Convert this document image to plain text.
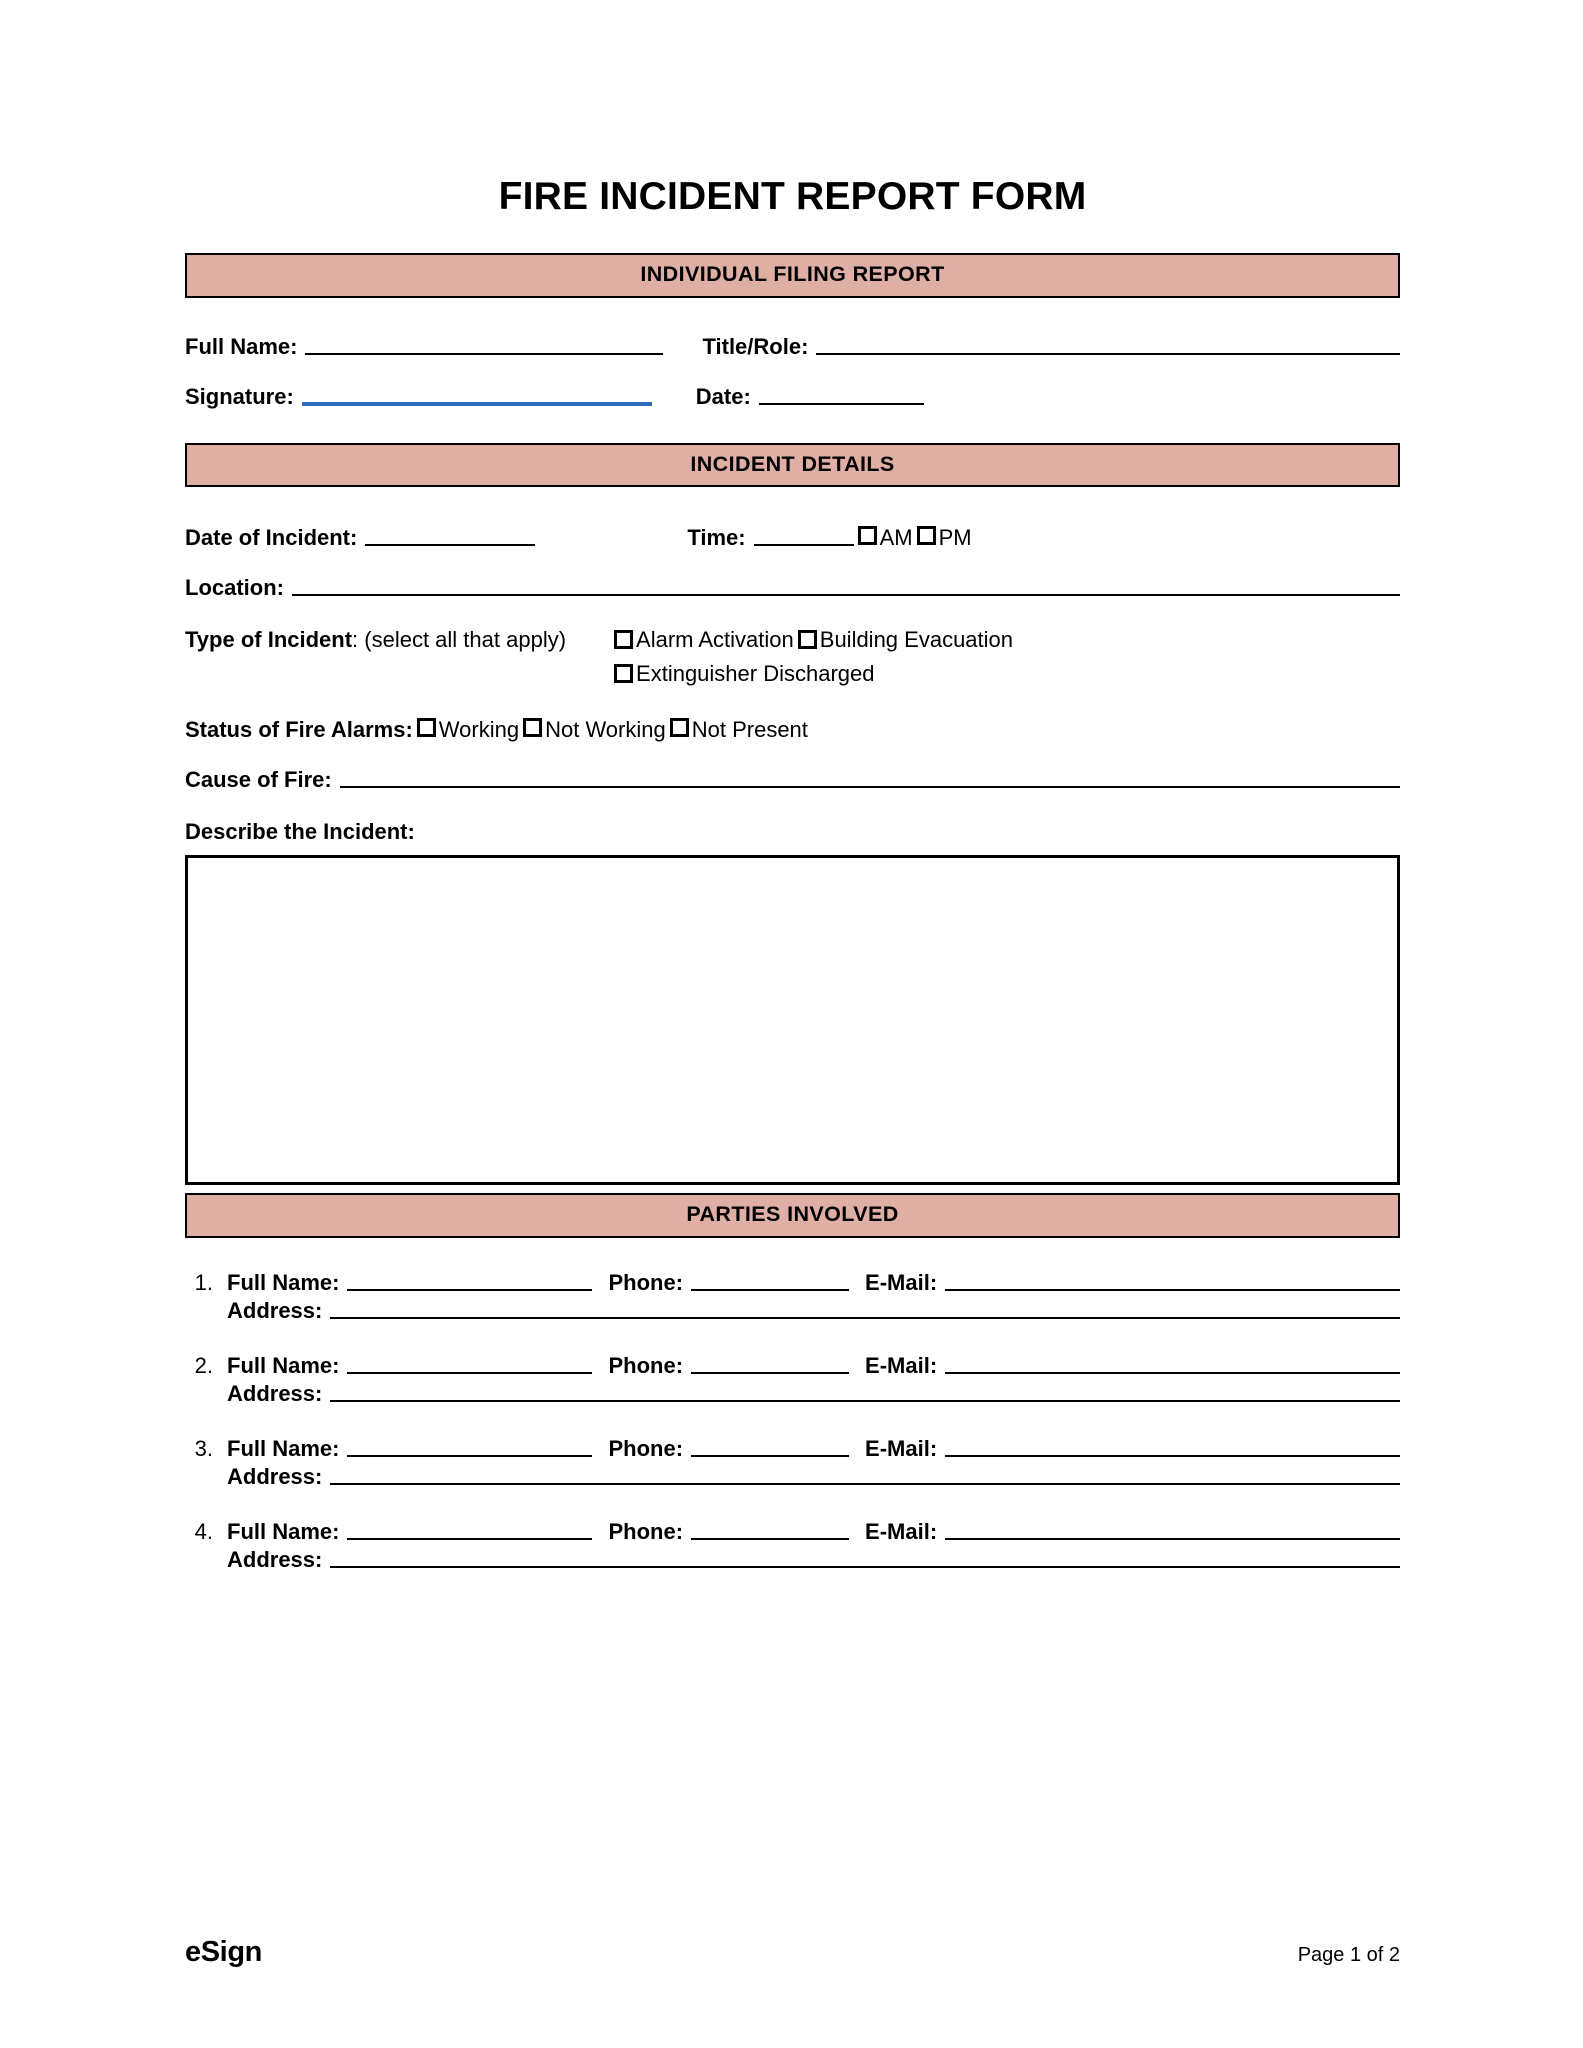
FIRE INCIDENT REPORT FORM
INDIVIDUAL FILING REPORT
Full Name:	Title/Role:
Signature:	Date:
INCIDENT DETAILS
Date of Incident:	Time:	AM PM
Location:
Type of Incident: (select all that apply)	Alarm Activation Building Evacuation
Extinguisher Discharged
Status of Fire Alarms: Working Not Working Not Present
Cause of Fire:
Describe the Incident:
PARTIES INVOLVED
1. Full Name:	Phone:	E-Mail:
Address:
2. Full Name:	Phone:	E-Mail:
Address:
3. Full Name:	Phone:	E-Mail:
Address:
4. Full Name:	Phone:	E-Mail:
Address:
eSign	Page 1 of 2
